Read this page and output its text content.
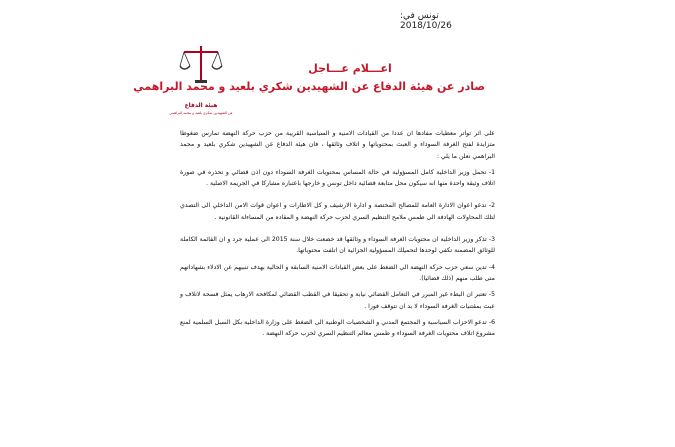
تونس في: 2018/10/26
هيئة الدفاع
عن الشهيدين شكري بلعيد و محمد البراهمي
اعـــلام عـــاجل
صادر عن هيئة الدفاع عن الشهيدين شكري بلعيد و محمد البراهمي

على اثر تواتر معطيات مفادها ان عددا من القيادات الامنية و السياسية القريبة من حزب حركة النهضة تمارس ضغوطا متزايدة لفتح الغرفة السوداء و العبث بمحتوياتها و اتلاف وثائقها ، فان هيئة الدفاع عن الشهيدين شكري بلعيد و محمد البراهمي تعلن ما يلي :

1- تحمل وزير الداخلية كامل المسؤولية في حالة المساس بمحتويات الغرفة السوداء دون اذن قضائي و تحذره في صورة اتلاف وثيقة واحدة منها انه سيكون محل متابعة قضائية داخل تونس و خارجها باعتباره مشاركا في الجريمة الاصلية .

2- تدعو اعوان الادارة العامة للمصالح المختصة و ادارة الارشيف و كل الاطارات و اعوان قوات الامن الداخلي الى التصدي لتلك المحاولات الهادفة الى طمس ملامح التنظيم السري لحزب حركة النهضة و المقاده من المساءلة القانونية .

3- تذكر وزير الداخلية ان محتويات الغرفة السوداء و وثائقها قد خضعت خلال سنة 2015 الى عملية جرد و ان القائمة الكاملة للوثائق المضمنة تكفي لوحدها لتحميلك المسؤولية الجزائية ان اتلفت محتوياتها.

4- تدين سعي حزب حركة النهضة الى الضغط على بعض القيادات الامنية السابقة و الحالية بهدف تنبيهم عن الادلاء بشهاداتهم متى طلب منهم (ذلك قضائيا).

5- تعتبر ان البطء غير المبرر في التعامل القضائي نيابة و تحقيقا في القطب القضائي لمكافحة الارهاب يمثل فسحة لاتلاف و عبث بمقتنيات الغرفة السوداء لا بد ان تتوقف فورا .

6- تدعو الاحزاب السياسية و المجتمع المدني و الشخصيات الوطنية الى الضغط على وزارة الداخلية بكل السبل السلمية لمنع مشروع اتلاف محتويات الغرفة السوداء و طمس معالم التنظيم السري لحزب حركة النهضة .
